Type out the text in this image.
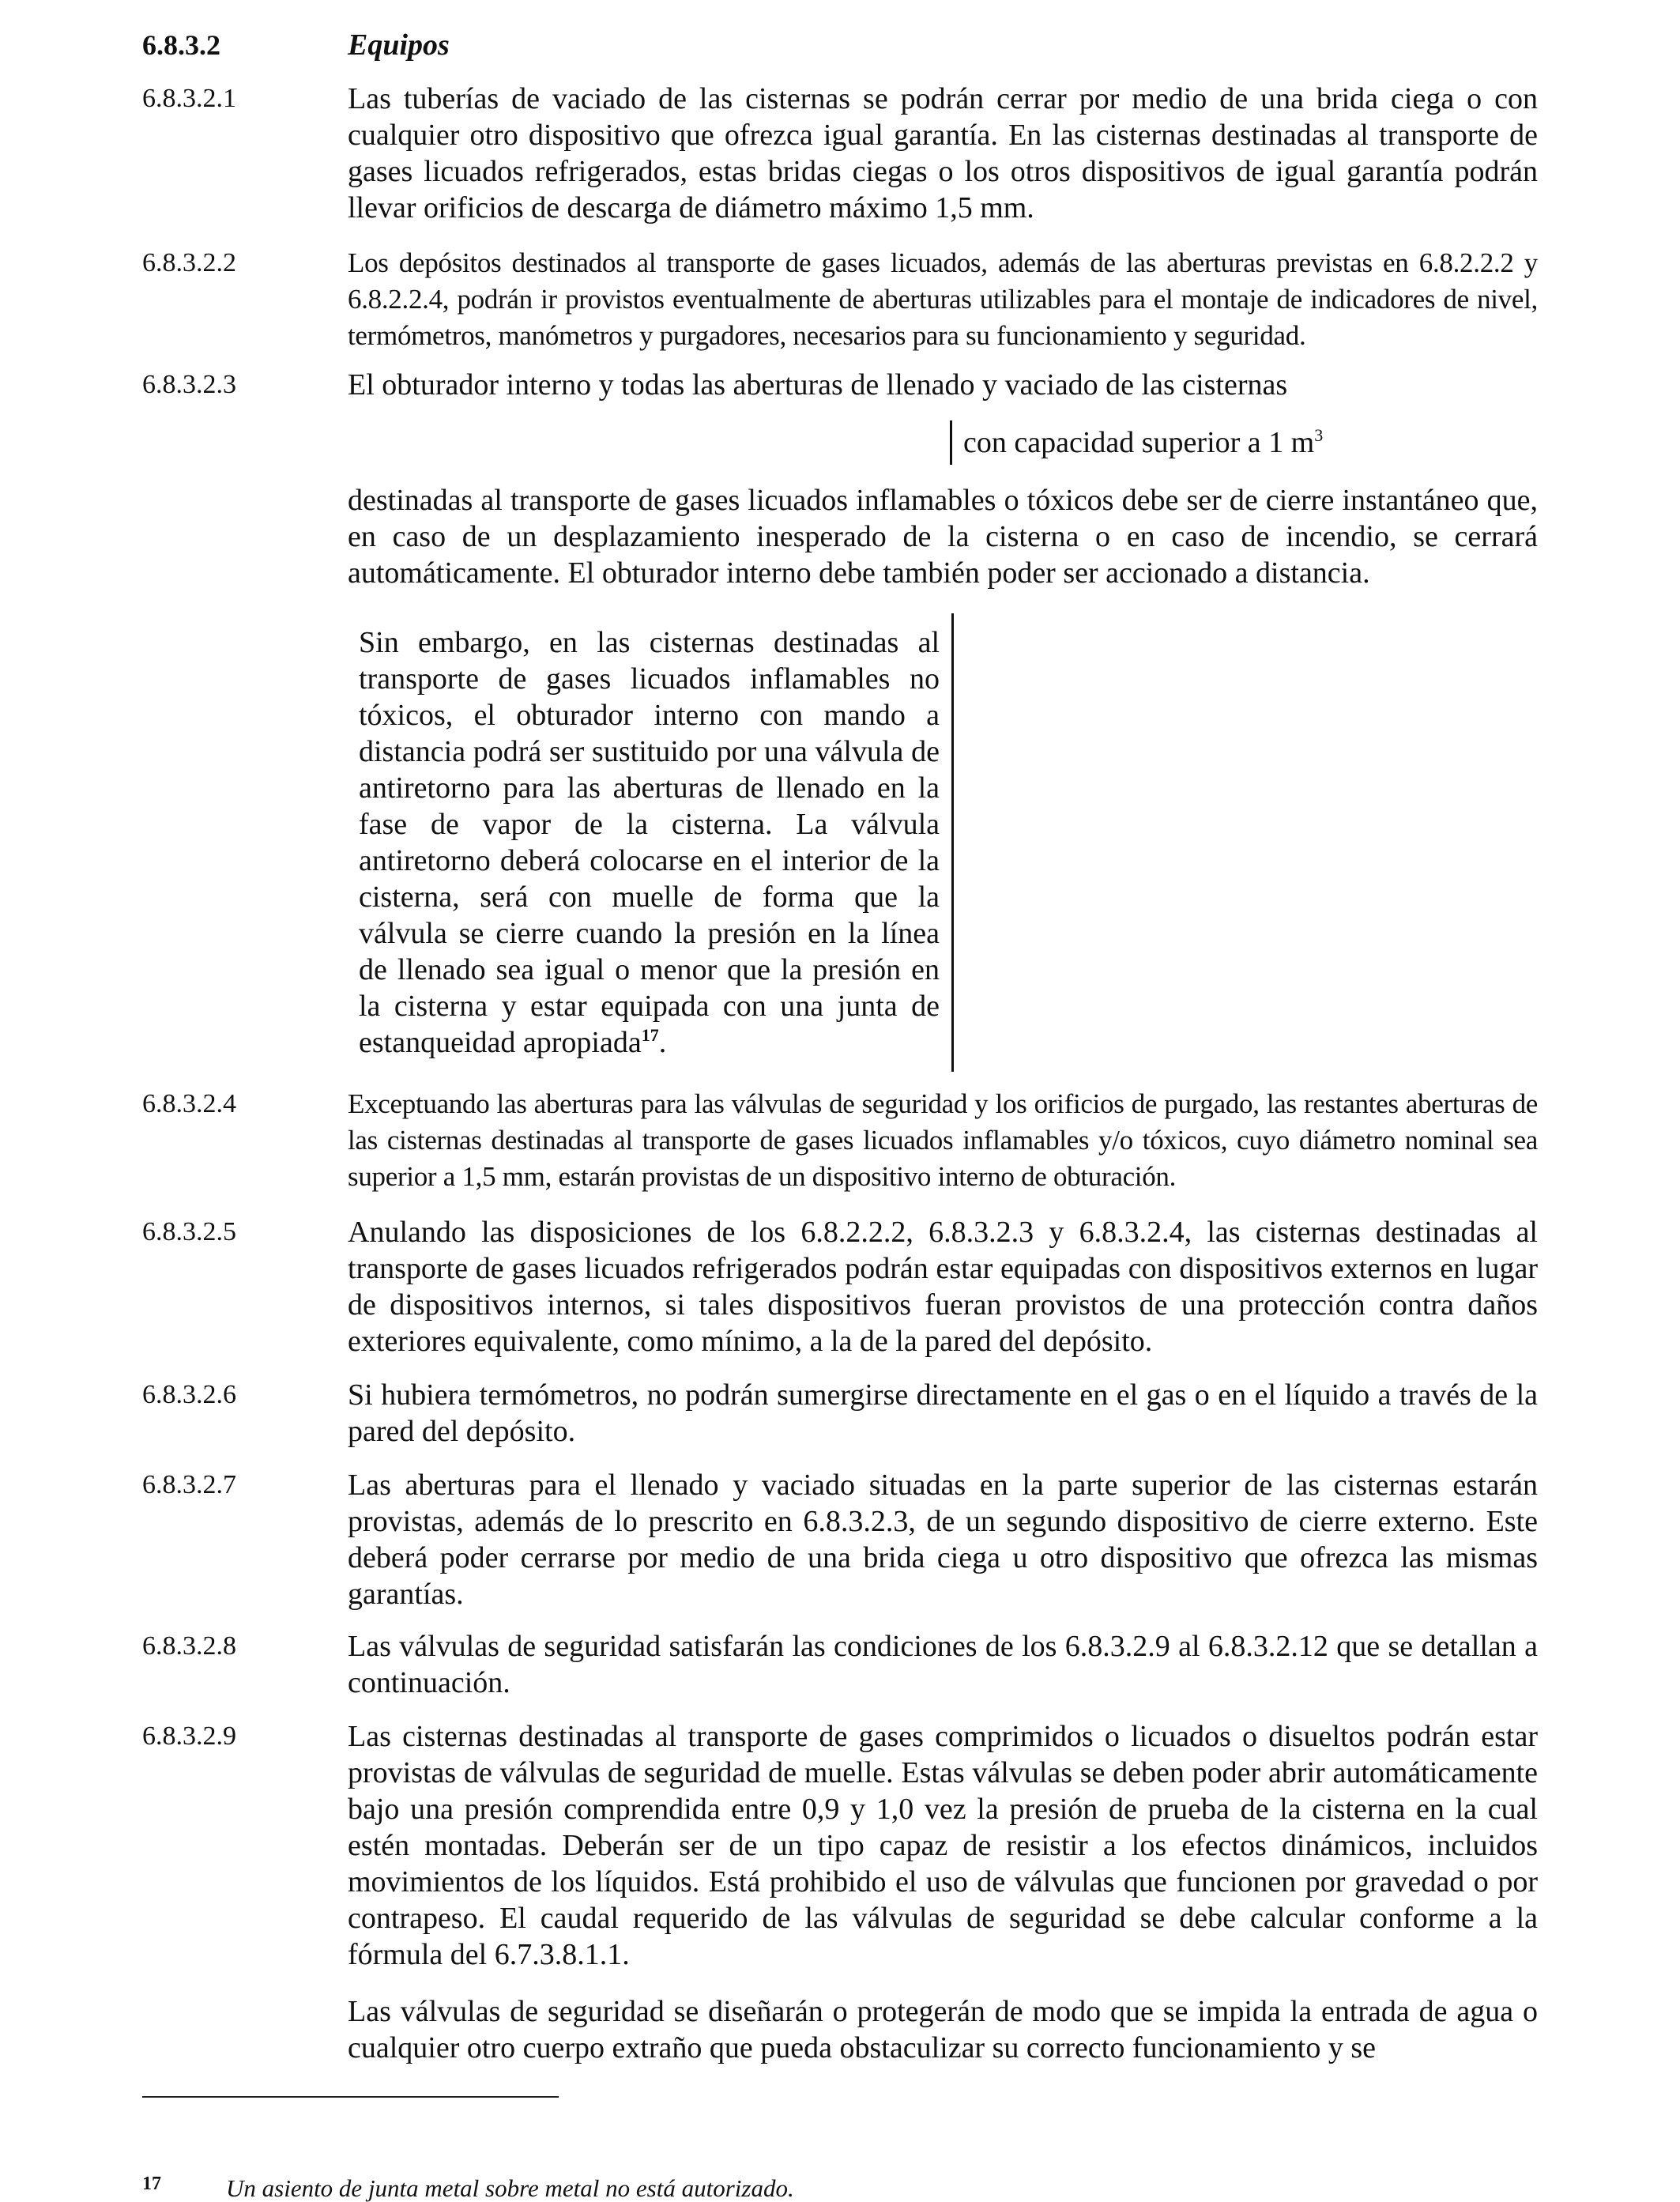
6.8.3.2	Equipos
6.8.3.2.1	Las tuberías de vaciado de las cisternas se podrán cerrar por medio de una brida ciega o con cualquier otro dispositivo que ofrezca igual garantía. En las cisternas destinadas al transporte de gases licuados refrigerados, estas bridas ciegas o los otros dispositivos de igual garantía podrán llevar orificios de descarga de diámetro máximo 1,5 mm.
6.8.3.2.2	Los depósitos destinados al transporte de gases licuados, además de las aberturas previstas en 6.8.2.2.2 y 6.8.2.2.4, podrán ir provistos eventualmente de aberturas utilizables para el montaje de indicadores de nivel, termómetros, manómetros y purgadores, necesarios para su funcionamiento y seguridad.
6.8.3.2.3	El obturador interno y todas las aberturas de llenado y vaciado de las cisternas
con capacidad superior a 1 $m^3$
destinadas al transporte de gases licuados inflamables o tóxicos debe ser de cierre instantáneo que, en caso de un desplazamiento inesperado de la cisterna o en caso de incendio, se cerrará automáticamente. El obturador interno debe también poder ser accionado a distancia.
Sin embargo, en las cisternas destinadas al transporte de gases licuados inflamables no tóxicos, el obturador interno con mando a distancia podrá ser sustituido por una válvula de antiretorno para las aberturas de llenado en la fase de vapor de la cisterna. La válvula antiretorno deberá colocarse en el interior de la cisterna, será con muelle de forma que la válvula se cierre cuando la presión en la línea de llenado sea igual o menor que la presión en la cisterna y estar equipada con una junta de estanqueidad apropiada$^{17}$.
6.8.3.2.4	Exceptuando las aberturas para las válvulas de seguridad y los orificios de purgado, las restantes aberturas de las cisternas destinadas al transporte de gases licuados inflamables y/o tóxicos, cuyo diámetro nominal sea superior a 1,5 mm, estarán provistas de un dispositivo interno de obturación.
6.8.3.2.5	Anulando las disposiciones de los 6.8.2.2.2, 6.8.3.2.3 y 6.8.3.2.4, las cisternas destinadas al transporte de gases licuados refrigerados podrán estar equipadas con dispositivos externos en lugar de dispositivos internos, si tales dispositivos fueran provistos de una protección contra daños exteriores equivalente, como mínimo, a la de la pared del depósito.
6.8.3.2.6	Si hubiera termómetros, no podrán sumergirse directamente en el gas o en el líquido a través de la pared del depósito.
6.8.3.2.7	Las aberturas para el llenado y vaciado situadas en la parte superior de las cisternas estarán provistas, además de lo prescrito en 6.8.3.2.3, de un segundo dispositivo de cierre externo. Este deberá poder cerrarse por medio de una brida ciega u otro dispositivo que ofrezca las mismas garantías.
6.8.3.2.8	Las válvulas de seguridad satisfarán las condiciones de los 6.8.3.2.9 al 6.8.3.2.12 que se detallan a continuación.
6.8.3.2.9	Las cisternas destinadas al transporte de gases comprimidos o licuados o disueltos podrán estar provistas de válvulas de seguridad de muelle. Estas válvulas se deben poder abrir automáticamente bajo una presión comprendida entre 0,9 y 1,0 vez la presión de prueba de la cisterna en la cual estén montadas. Deberán ser de un tipo capaz de resistir a los efectos dinámicos, incluidos movimientos de los líquidos. Está prohibido el uso de válvulas que funcionen por gravedad o por contrapeso. El caudal requerido de las válvulas de seguridad se debe calcular conforme a la fórmula del 6.7.3.8.1.1.
Las válvulas de seguridad se diseñarán o protegerán de modo que se impida la entrada de agua o cualquier otro cuerpo extraño que pueda obstaculizar su correcto funcionamiento y se
17	Un asiento de junta metal sobre metal no está autorizado.
